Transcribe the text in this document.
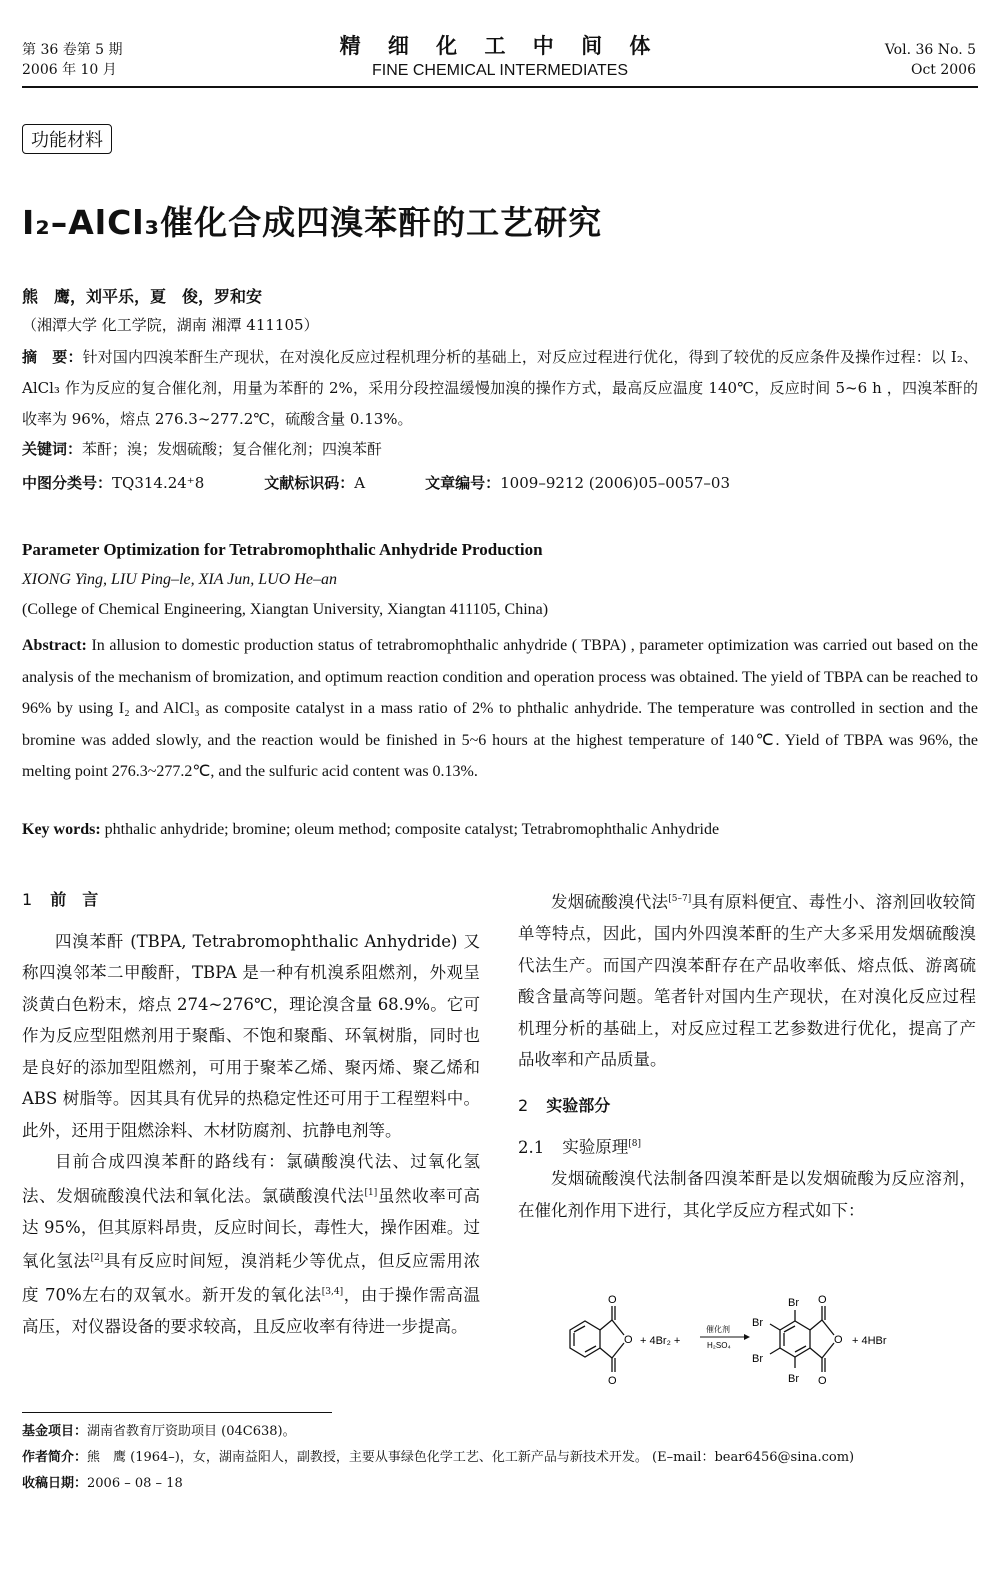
第 36 卷第 5 期
2006 年 10 月
精 细 化 工 中 间 体
FINE CHEMICAL INTERMEDIATES
Vol. 36 No. 5
Oct 2006
功能材料
I₂–AlCl₃催化合成四溴苯酐的工艺研究
熊　鹰，刘平乐，夏　俊，罗和安
（湘潭大学 化工学院，湖南 湘潭 411105）
摘　要：针对国内四溴苯酐生产现状，在对溴化反应过程机理分析的基础上，对反应过程进行优化，得到了较优的反应条件及操作过程：以 I₂、AlCl₃ 作为反应的复合催化剂，用量为苯酐的 2%，采用分段控温缓慢加溴的操作方式，最高反应温度 140℃，反应时间 5~6 h ，四溴苯酐的收率为 96%，熔点 276.3~277.2℃，硫酸含量 0.13%。
关键词：苯酐；溴；发烟硫酸；复合催化剂；四溴苯酐
中图分类号：TQ314.24⁺8	文献标识码：A	文章编号：1009–9212 (2006)05–0057–03
Parameter Optimization for Tetrabromophthalic Anhydride Production
XIONG Ying, LIU Ping–le, XIA Jun, LUO He–an
(College of Chemical Engineering, Xiangtan University, Xiangtan 411105, China)
Abstract: In allusion to domestic production status of tetrabromophthalic anhydride ( TBPA) , parameter optimization was carried out based on the analysis of the mechanism of bromization, and optimum reaction condition and operation process was obtained. The yield of TBPA can be reached to 96% by using I₂ and AlCl₃ as composite catalyst in a mass ratio of 2% to phthalic anhydride. The temperature was controlled in section and the bromine was added slowly, and the reaction would be finished in 5~6 hours at the highest temperature of 140℃. Yield of TBPA was 96%, the melting point 276.3~277.2℃, and the sulfuric acid content was 0.13%.
Key words: phthalic anhydride; bromine; oleum method; composite catalyst; Tetrabromophthalic Anhydride

1 前　言

四溴苯酐 (TBPA, Tetrabromophthalic Anhydride) 又称四溴邻苯二甲酸酐，TBPA 是一种有机溴系阻燃剂，外观呈淡黄白色粉末，熔点 274~276℃，理论溴含量 68.9%。它可作为反应型阻燃剂用于聚酯、不饱和聚酯、环氧树脂，同时也是良好的添加型阻燃剂，可用于聚苯乙烯、聚丙烯、聚乙烯和 ABS 树脂等。因其具有优异的热稳定性还可用于工程塑料中。此外，还用于阻燃涂料、木材防腐剂、抗静电剂等。

目前合成四溴苯酐的路线有：氯磺酸溴代法、过氧化氢法、发烟硫酸溴代法和氧化法。氯磺酸溴代法[1]虽然收率可高达 95%，但其原料昂贵，反应时间长，毒性大，操作困难。过氧化氢法[2]具有反应时间短，溴消耗少等优点，但反应需用浓度 70%左右的双氧水。新开发的氧化法[3,4]，由于操作需高温高压，对仪器设备的要求较高，且反应收率有待进一步提高。

发烟硫酸溴代法[5–7]具有原料便宜、毒性小、溶剂回收较简单等特点，因此，国内外四溴苯酐的生产大多采用发烟硫酸溴代法生产。而国产四溴苯酐存在产品收率低、熔点低、游离硫酸含量高等问题。笔者针对国内生产现状，在对溴化反应过程机理分析的基础上，对反应过程工艺参数进行优化，提高了产品收率和产品质量。

2 实验部分

2.1 实验原理[8]

发烟硫酸溴代法制备四溴苯酐是以发烟硫酸为反应溶剂，在催化剂作用下进行，其化学反应方程式如下：

O
O
O
+ 4Br₂ +
催化剂
H₂SO₄
Br
Br
Br
Br
O
O
O
+ 4HBr
基金项目：湖南省教育厅资助项目 (04C638)。
作者简介：熊　鹰 (1964–)，女，湖南益阳人，副教授，主要从事绿色化学工艺、化工新产品与新技术开发。 (E–mail：bear6456@sina.com)
收稿日期：2006 – 08 – 18
